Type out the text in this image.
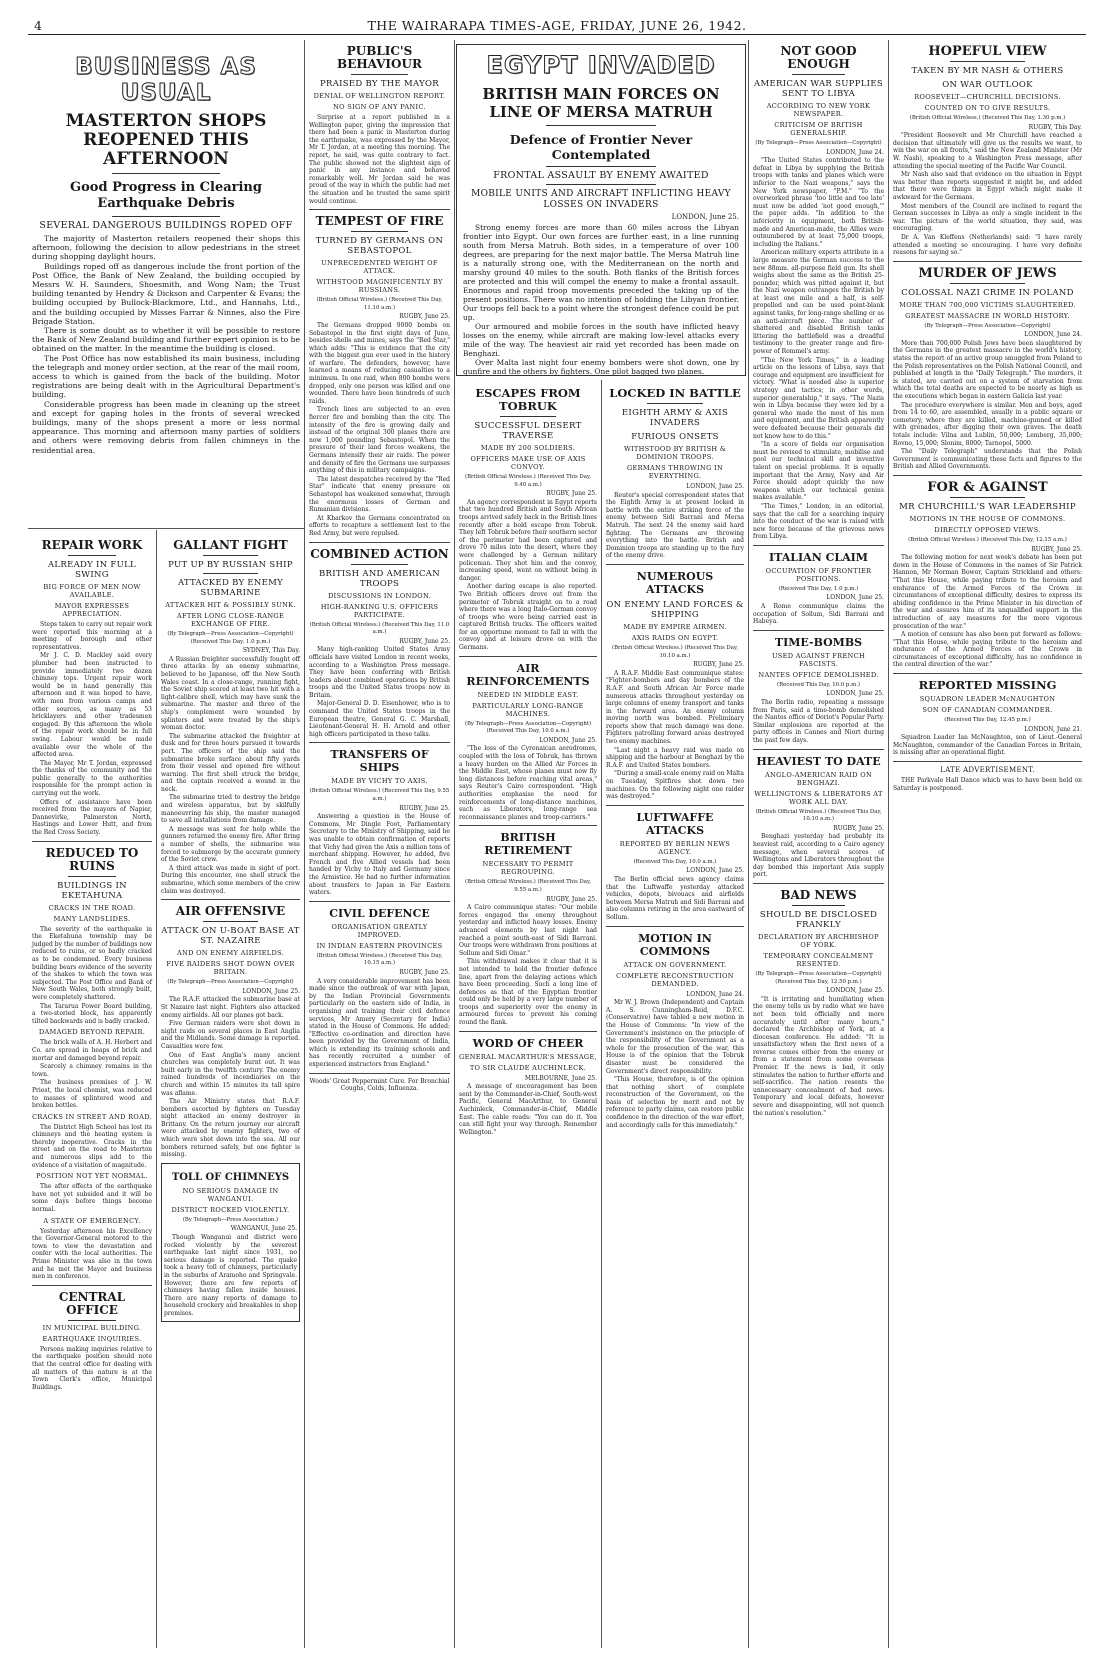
4	THE WAIRARAPA TIMES-AGE, FRIDAY, JUNE 26, 1942.
BUSINESS AS USUAL
MASTERTON SHOPS REOPENED THIS AFTERNOON
Good Progress in Clearing Earthquake Debris
SEVERAL DANGEROUS BUILDINGS ROPED OFF

The majority of Masterton retailers reopened their shops this afternoon, following the decision to allow pedestrians in the street during shopping daylight hours.

Buildings roped off as dangerous include the front portion of the Post Office, the Bank of New Zealand, the building occupied by Messrs W. H. Saunders, Shoesmith, and Wong Nam; the Trust building tenanted by Hendry & Dickson and Carpenter & Evans; the building occupied by Bullock-Blackmore, Ltd., and Hannahs, Ltd., and the building occupied by Misses Farrar & Ninnes, also the Fire Brigade Station.

There is some doubt as to whether it will be possible to restore the Bank of New Zealand building and further expert opinion is to be obtained on the matter. In the meantime the building is closed.

The Post Office has now established its main business, including the telegraph and money order section, at the rear of the mail room, access to which is gained from the back of the building. Motor registrations are being dealt with in the Agricultural Department's building.

Considerable progress has been made in cleaning up the street and except for gaping holes in the fronts of several wrecked buildings, many of the shops present a more or less normal appearance. This morning and afternoon many parties of soldiers and others were removing debris from fallen chimneys in the residential area.

REPAIR WORK
ALREADY IN FULL SWING
BIG FORCE OF MEN NOW AVAILABLE.
MAYOR EXPRESSES APPRECIATION.

Steps taken to carry out repair work were reported this morning at a meeting of borough and other representatives.

Mr J. C. D. Mackley said every plumber had been instructed to provide immediately two dozen chimney tops. Urgent repair work would be in hand generally this afternoon and it was hoped to have, with men from various camps and other sources, as many as 53 bricklayers and other tradesmen engaged. By this afternoon the whole of the repair work should be in full swing. Labour would be made available over the whole of the affected area.

The Mayor, Mr T. Jordan, expressed the thanks of the community and the public generally to the authorities responsible for the prompt action in carrying out the work.

Offers of assistance have been received from the mayors of Napier, Dannevirke, Palmerston North, Hastings and Lower Hutt, and from the Red Cross Society.

REDUCED TO RUINS
BUILDINGS IN EKETAHUNA
CRACKS IN THE ROAD.
MANY LANDSLIDES.

The severity of the earthquake in the Eketahuna township may be judged by the number of buildings now reduced to ruins, or so badly cracked as to be condemned. Every business building bears evidence of the severity of the shakes to which the town was subjected. The Post Office and Bank of New South Wales, both strongly built, were completely shattered.

The Tararua Power Board building, a two-storied block, has apparently tilted backwards and is badly cracked.

DAMAGED BEYOND REPAIR.

The brick walls of A. H. Herbert and Co. are spread in heaps of brick and mortar and damaged beyond repair.

Scarcely a chimney remains in the town.

The business premises of J. W. Priest, the local chemist, was reduced to masses of splintered wood and broken bottles.

CRACKS IN STREET AND ROAD.

The District High School has lost its chimneys and the heating system is thereby inoperative. Cracks in the street and on the road to Masterton and numerous slips add to the evidence of a visitation of magnitude.

POSITION NOT YET NORMAL.

The after effects of the earthquake have not yet subsided and it will be some days before things become normal.

A STATE OF EMERGENCY.

Yesterday afternoon his Excellency the Governor-General motored to the town to view the devastation and confer with the local authorities. The Prime Minister was also in the town and he met the Mayor and business men in conference.

CENTRAL OFFICE
IN MUNICIPAL BUILDING.
EARTHQUAKE INQUIRIES.

Persons making inquiries relative to the earthquake position should note that the central office for dealing with all matters of this nature is at the Town Clerk's office, Municipal Buildings.

GALLANT FIGHT
PUT UP BY RUSSIAN SHIP
ATTACKED BY ENEMY SUBMARINE
ATTACKER HIT & POSSIBLY SUNK.
AFTER LONG CLOSE-RANGE EXCHANGE OF FIRE.
(By Telegraph—Press Association—Copyright) (Received This Day, 1.0 p.m.)
SYDNEY, This Day.

A Russian freighter successfully fought off three attacks by an enemy submarine, believed to be Japanese, off the New South Wales coast. In a close-range, running fight, the Soviet ship scored at least two hit with a light-calibre shell, which may have sunk the submarine. The master and three of the ship's complement were wounded by splinters and were treated by the ship's woman doctor.

The submarine attacked the freighter at dusk and for three hours pursued it towards port. The officers of the ship said the submarine broke surface about fifty yards from their vessel and opened fire without warning. The first shell struck the bridge, and the captain received a wound in the neck.

The submarine tried to destroy the bridge and wireless apparatus, but by skilfully manoeuvring his ship, the master managed to save all installations from damage.

A message was sent for help while the gunners returned the enemy fire. After firing a number of shells, the submarine was forced to submerge by the accurate gunnery of the Soviet crew.

A third attack was made in sight of port. During this encounter, one shell struck the submarine, which some members of the crew claim was destroyed.

AIR OFFENSIVE
ATTACK ON U-BOAT BASE AT ST. NAZAIRE
AND ON ENEMY AIRFIELDS.
FIVE RAIDERS SHOT DOWN OVER BRITAIN.
(By Telegraph—Press Association—Copyright)
LONDON, June 25.

The R.A.F. attacked the submarine base at St Nazaire last night. Fighters also attacked enemy airfields. All our planes got back.

Five German raiders were shot down in night raids on several places in East Anglia and the Midlands. Some damage is reported. Casualties were few.

One of East Anglia's many ancient churches was completely burnt out. It was built early in the twelfth century. The enemy rained hundreds of incendiaries on the church and within 15 minutes its tall spire was aflame.

The Air Ministry states that R.A.F. bombers escorted by fighters on Tuesday night attacked an enemy destroyer in Brittany. On the return journey our aircraft were attacked by enemy fighters, two of which were shot down into the sea. All our bombers returned safely, but one fighter is missing.

TOLL OF CHIMNEYS
NO SERIOUS DAMAGE IN WANGANUI.
DISTRICT ROCKED VIOLENTLY.
(By Telegraph—Press Association.)
WANGANUI, June 25.

Though Wanganui and district were rocked violently by the severest earthquake last night since 1931, no serious damage is reported. The quake took a heavy toll of chimneys, particularly in the suburbs of Aramoho and Springvale. However, there are few reports of chimneys having fallen inside houses. There are many reports of damage to household crockery and breakables in shop premises.

PUBLIC'S BEHAVIOUR
PRAISED BY THE MAYOR
DENIAL OF WELLINGTON REPORT.
NO SIGN OF ANY PANIC.

Surprise at a report published in a Wellington paper, giving the impression that there had been a panic in Masterton during the earthquake, was expressed by the Mayor, Mr T. Jordan, at a meeting this morning. The report, he said, was quite contrary to fact. The public showed not the slightest sign of panic in any instance and behaved remarkably well. Mr Jordan said he was proud of the way in which the public had met the situation and he trusted the same spirit would continue.

TEMPEST OF FIRE
TURNED BY GERMANS ON SEBASTOPOL
UNPRECEDENTED WEIGHT OF ATTACK.
WITHSTOOD MAGNIFICENTLY BY RUSSIANS.
(British Official Wireless.) (Received This Day, 11.10 a.m.)
RUGBY, June 25.

The Germans dropped 9000 bombs on Sebastopol in the first eight days of June, besides shells and mines, says the "Red Star," which adds: "This is evidence that the city with the biggest gun ever used in the history of warfare. The defenders, however, have learned a means of reducing casualties to a minimum. In one raid, when 800 bombs were dropped, only one person was killed and one wounded. There have been hundreds of such raids.

Trench lines are subjected to an even fiercer fire and bombing than the city. The intensity of the fire is growing daily and instead of the original 300 planes there are now 1,000 pounding Sebastopol. When the pressure of their land forces weakens, the Germans intensify their air raids. The power and density of fire the Germans use surpasses anything of this in military campaigns.

The latest despatches received by the "Red Star" indicate that enemy pressure on Sebastopol has weakened somewhat, through the enormous losses of German and Rumanian divisions.

At Kharkov the Germans concentrated on efforts to recapture a settlement lost to the Red Army, but were repulsed.

COMBINED ACTION
BRITISH AND AMERICAN TROOPS
DISCUSSIONS IN LONDON.
HIGH-RANKING U.S. OFFICERS PARTICIPATE.
(British Official Wireless.) (Received This Day, 11.0 a.m.)
RUGBY, June 25.

Many high-ranking United States Army officials have visited London in recent weeks, according to a Washington Press message. They have been conferring with British leaders about combined operations by British troops and the United States troops now in Britain.

Major-General D. D. Eisenhower, who is to command the United States troops in the European theatre, General G. C. Marshall, Lieutenant-General H. H. Arnold and other high officers participated in these talks.

TRANSFERS OF SHIPS
MADE BY VICHY TO AXIS.
(British Official Wireless.) (Received This Day, 9.55 a.m.)
RUGBY, June 25.

Answering a question in the House of Commons, Mr Dingle Foot, Parliamentary Secretary to the Ministry of Shipping, said he was unable to obtain confirmation of reports that Vichy had given the Axis a million tons of merchant shipping. However, he added, five French and five Allied vessels had been handed by Vichy to Italy and Germany since the Armistice. He had no further information about transfers to Japan in Far Eastern waters.

CIVIL DEFENCE
ORGANISATION GREATLY IMPROVED.
IN INDIAN EASTERN PROVINCES
(British Official Wireless.) (Received This Day, 10.15 a.m.)
RUGBY, June 25.

A very considerable improvement has been made since the outbreak of war with Japan, by the Indian Provincial Governments particularly on the eastern side of India, in organising and training their civil defence services, Mr Amery (Secretary for India) stated in the House of Commons. He added: "Effective co-ordination and direction have been provided by the Government of India, which is extending its training schools and has recently recruited a number of experienced instructors from England."

Woods' Great Peppermint Cure. For Bronchial Coughs, Colds, Influenza.

EGYPT INVADED
BRITISH MAIN FORCES ON LINE OF MERSA MATRUH
Defence of Frontier Never Contemplated
FRONTAL ASSAULT BY ENEMY AWAITED
MOBILE UNITS AND AIRCRAFT INFLICTING HEAVY LOSSES ON INVADERS
LONDON, June 25.

Strong enemy forces are more than 60 miles across the Libyan frontier into Egypt. Our own forces are further east, in a line running south from Mersa Matruh. Both sides, in a temperature of over 100 degrees, are preparing for the next major battle. The Mersa Matruh line is a naturally strong one, with the Mediterranean on the north and marshy ground 40 miles to the south. Both flanks of the British forces are protected and this will compel the enemy to make a frontal assault. Enormous and rapid troop movements preceded the taking up of the present positions. There was no intention of holding the Libyan frontier. Our troops fell back to a point where the strongest defence could be put up.

Our armoured and mobile forces in the south have inflicted heavy losses on the enemy, while aircraft are making low-level attacks every mile of the way. The heaviest air raid yet recorded has been made on Benghazi.

Over Malta last night four enemy bombers were shot down, one by gunfire and the others by fighters. One pilot bagged two planes.

ESCAPES FROM TOBRUK
SUCCESSFUL DESERT TRAVERSE
MADE BY 200 SOLDIERS.
OFFICERS MAKE USE OF AXIS CONVOY.
(British Official Wireless.) (Received This Day, 9.40 a.m.)
RUGBY, June 25.

An agency correspondent in Egypt reports that two hundred British and South African troops arrived safely back in the British lines recently after a bold escape from Tobruk. They left Tobruk before their southern sector of the perimeter had been captured and drove 70 miles into the desert, where they were challenged by a German military policeman. They shot him and the convoy, increasing speed, went on without being in danger.

Another daring escape is also reported. Two British officers drove out from the perimeter of Tobruk straight on to a road where there was a long Italo-German convoy of troops who were being carried east in captured British trucks. The officers waited for an opportune moment to fall in with the convoy and at leisure drove on with the Germans.

AIR REINFORCEMENTS
NEEDED IN MIDDLE EAST.
PARTICULARLY LONG-RANGE MACHINES.
(By Telegraph—Press Association—Copyright) (Received This Day, 10.0 a.m.)
LONDON, June 25.

"The loss of the Cyrenaican aerodromes, coupled with the loss of Tobruk, has thrown a heavy burden on the Allied Air Forces in the Middle East, whose planes must now fly long distances before reaching vital areas," says Reuter's Cairo correspondent. "High authorities emphasise the need for reinforcements of long-distance machines, such as Liberators, long-range sea reconnaissance planes and troop-carriers."

BRITISH RETIREMENT
NECESSARY TO PERMIT REGROUPING.
(British Official Wireless.) (Received This Day, 9.55 a.m.)
RUGBY, June 25.

A Cairo communique states: "Our mobile forces engaged the enemy throughout yesterday and inflicted heavy losses. Enemy advanced elements by last night had reached a point south-east of Sidi Barrani. Our troops were withdrawn from positions at Sollum and Sidi Omar."

This withdrawal makes it clear that it is not intended to hold the frontier defence line, apart from the delaying actions which have been proceeding. Such a long line of defences as that of the Egyptian frontier could only be held by a very large number of troops and superiority over the enemy in armoured forces to prevent his coming round the flank.

WORD OF CHEER
GENERAL MACARTHUR'S MESSAGE,
TO SIR CLAUDE AUCHINLECK.
MELBOURNE, June 25.

A message of encouragement has been sent by the Commander-in-Chief, South-west Pacific, General MacArthur, to General Auchinleck, Commander-in-Chief, Middle East. The cable reads: "You can do it. You can still fight your way through. Remember Wellington."

LOCKED IN BATTLE
EIGHTH ARMY & AXIS INVADERS
FURIOUS ONSETS
WITHSTOOD BY BRITISH & DOMINION TROOPS.
GERMANS THROWING IN EVERYTHING.
LONDON, June 25.

Reuter's special correspondent states that the Eighth Army is at present locked in battle with the entire striking force of the enemy between Sidi Barrani and Mersa Matruh. The next 24 the enemy said hard fighting. The Germans are throwing everything into the battle. British and Dominion troops are standing up to the fury of the enemy drive.

NUMEROUS ATTACKS
ON ENEMY LAND FORCES & SHIPPING
MADE BY EMPIRE AIRMEN.
AXIS RAIDS ON EGYPT.
(British Official Wireless.) (Received This Day, 10.10 a.m.)
RUGBY, June 25.

A R.A.F. Middle East communique states: "Fighter-bombers and day bombers of the R.A.F. and South African Air Force made numerous attacks throughout yesterday on large columns of enemy transport and tanks in the forward area. An enemy column moving north was bombed. Preliminary reports show that much damage was done. Fighters patrolling forward areas destroyed two enemy machines.

"Last night a heavy raid was made on shipping and the harbour at Benghazi by the R.A.F. and United States bombers.

"During a small-scale enemy raid on Malta on Tuesday, Spitfires shot down two machines. On the following night one raider was destroyed."

LUFTWAFFE ATTACKS
REPORTED BY BERLIN NEWS AGENCY.
(Received This Day, 10.0 a.m.)
LONDON, June 25.

The Berlin official news agency claims that the Luftwaffe yesterday attacked vehicles, depots, bivouacs and airfields between Mersa Matruh and Sidi Barrani and also columns retiring in the area eastward of Sollum.

MOTION IN COMMONS
ATTACK ON GOVERNMENT.
COMPLETE RECONSTRUCTION DEMANDED.
LONDON, June 24.

Mr W. J. Brown (Independent) and Captain A. S. Cunningham-Reid, D.F.C. (Conservative) have tabled a new motion in the House of Commons: "In view of the Government's insistence on the principle of the responsibility of the Government as a whole for the prosecution of the war, this House is of the opinion that the Tobruk disaster must be considered the Government's direct responsibility.

"This House, therefore, is of the opinion that nothing short of complete reconstruction of the Government, on the basis of selection by merit and not by reference to party claims, can restore public confidence in the direction of the war effort, and accordingly calls for this immediately."

NOT GOOD ENOUGH
AMERICAN WAR SUPPLIES SENT TO LIBYA
ACCORDING TO NEW YORK NEWSPAPER.
CRITICISM OF BRITISH GENERALSHIP.
(By Telegraph—Press Association—Copyright)
LONDON, June 24.

"The United States contributed to the defeat in Libya by supplying the British troops with tanks and planes which were inferior to the Nazi weapons," says the New York newspaper, "P.M." "To the overworked phrase 'too little and too late' must now be added 'not good enough,'" the paper adds. "In addition to the inferiority in equipment, both British-made and American-made, the Allies were outnumbered by at least 75,000 troops, including the Italians."

American military experts attribute in a large measure the German success to the new 88mm. all-purpose field gun. Its shell weighs about the same as the British 25-pounder, which was pitted against it, but the Nazi weapon outranges the British by at least one mile and a half, is self-propelled and can be used point-blank against tanks, for long-range shelling or as an anti-aircraft piece. The number of shattered and disabled British tanks littering the battlefield was a dreadful testimony to the greater range and fire-power of Rommel's army.

"The New York Times," in a leading article on the lessons of Libya, says that courage and equipment are insufficient for victory. "What is needed also is superior strategy and tactics; in other words, superior generalship," it says. "The Nazis won in Libya because they were led by a general who made the most of his men and equipment, and the British apparently were defeated because their generals did not know how to do this."

"In a score of fields our organisation must be revised to stimulate, mobilise and pool our technical skill and inventive talent on special problems. It is equally important that the Army, Navy and Air Force should adopt quickly the new weapons which our technical genius makes available."

"The Times," London, in an editorial, says that the call for a searching inquiry into the conduct of the war is raised with new force because of the grievous news from Libya.

ITALIAN CLAIM
OCCUPATION OF FRONTIER POSITIONS.
(Received This Day, 1.0 p.m.)
LONDON, June 25.

A Rome communique claims the occupation of Sollum, Sidi Barrani and Habeya.

TIME-BOMBS
USED AGAINST FRENCH FASCISTS.
NANTES OFFICE DEMOLISHED.
(Received This Day, 10.0 p.m.)
LONDON, June 25.

The Berlin radio, repeating a message from Paris, said a time-bomb demolished the Nantes office of Doriot's Popular Party. Similar explosions are reported at the party offices in Cannes and Niort during the past few days.

HEAVIEST TO DATE
ANGLO-AMERICAN RAID ON BENGHAZI.
WELLINGTONS & LIBERATORS AT WORK ALL DAY.
(British Official Wireless.) (Received This Day, 10.10 a.m.)
RUGBY, June 25.

Benghazi yesterday had probably its heaviest raid, according to a Cairo agency message, when several scores of Wellingtons and Liberators throughout the day bombed this important Axis supply port.

BAD NEWS
SHOULD BE DISCLOSED FRANKLY
DECLARATION BY ARCHBISHOP OF YORK.
TEMPORARY CONCEALMENT RESENTED.
(By Telegraph—Press Association—Copyright) (Received This Day, 12.50 p.m.)
LONDON, June 25.

"It is irritating and humiliating when the enemy tells us by radio what we have not been told officially and more accurately until after many hours," declared the Archbishop of York, at a diocesan conference. He added: "It is unsatisfactory when the first news of a reverse comes either from the enemy or from a statement from some overseas Premier. If the news is bad, it only stimulates the nation to further efforts and self-sacrifice. The nation resents the unnecessary concealment of bad news. Temporary and local defeats, however severe and disappointing, will not quench the nation's resolution."

HOPEFUL VIEW
TAKEN BY MR NASH & OTHERS
ON WAR OUTLOOK
ROOSEVELT—CHURCHILL DECISIONS.
COUNTED ON TO GIVE RESULTS.
(British Official Wireless.) (Received This Day, 1.30 p.m.)
RUGBY, This Day.

"President Roosevelt and Mr Churchill have reached a decision that ultimately will give us the results we want, to win the war on all fronts," said the New Zealand Minister (Mr W. Nash), speaking to a Washington Press message, after attending the special meeting of the Pacific War Council.

Mr Nash also said that evidence on the situation in Egypt was better than reports suggested it might be, and added that there were things in Egypt which might make it awkward for the Germans.

Most members of the Council are inclined to regard the German successes in Libya as only a single incident in the war. The picture of the world situation, they said, was encouraging.

Dr A. Van Kleffens (Netherlands) said: "I have rarely attended a meeting so encouraging. I have very definite reasons for saying so."

MURDER OF JEWS
COLOSSAL NAZI CRIME IN POLAND
MORE THAN 700,000 VICTIMS SLAUGHTERED.
GREATEST MASSACRE IN WORLD HISTORY.
(By Telegraph—Press Association—Copyright)
LONDON, June 24.

More than 700,000 Polish Jews have been slaughtered by the Germans in the greatest massacre in the world's history, states the report of an active group smuggled from Poland to the Polish representatives on the Polish National Council, and published at length in the "Daily Telegraph." The murders, it is stated, are carried out on a system of starvation from which the total deaths are expected to be nearly as high as the executions which began in eastern Galicia last year.

The procedure everywhere is similar. Men and boys, aged from 14 to 60, are assembled, usually in a public square or cemetery, where they are killed, machine-gunned or killed with grenades, after digging their own graves. The death totals include: Vilna and Lublin, 50,000; Lemberg, 35,000; Rovno, 15,000; Slonim, 8000; Tarnopol, 5000.

The "Daily Telegraph" understands that the Polish Government is communicating these facts and figures to the British and Allied Governments.

FOR & AGAINST
MR CHURCHILL'S WAR LEADERSHIP
MOTIONS IN THE HOUSE OF COMMONS.
DIRECTLY OPPOSED VIEWS.
(British Official Wireless.) (Received This Day, 12.15 a.m.)
RUGBY, June 25.

The following motion for next week's debate has been put down in the House of Commons in the names of Sir Patrick Hannon, Mr Norman Bower, Captain Strickland and others: "That this House, while paying tribute to the heroism and endurance of the Armed Forces of the Crown in circumstances of exceptional difficulty, desires to express its abiding confidence in the Prime Minister in his direction of the war and assures him of its unqualified support in the introduction of any measures for the more vigorous prosecution of the war."

A motion of censure has also been put forward as follows: "That this House, while paying tribute to the heroism and endurance of the Armed Forces of the Crown in circumstances of exceptional difficulty, has no confidence in the central direction of the war."

REPORTED MISSING
SQUADRON LEADER McNAUGHTON
SON OF CANADIAN COMMANDER.
(Received This Day, 12.45 p.m.)
LONDON, June 21.

Squadron Leader Ian McNaughton, son of Lieut.-General McNaughton, commander of the Canadian Forces in Britain, is missing after an operational flight.

LATE ADVERTISEMENT.

THE Parkvale Hall Dance which was to have been held on Saturday is postponed.
